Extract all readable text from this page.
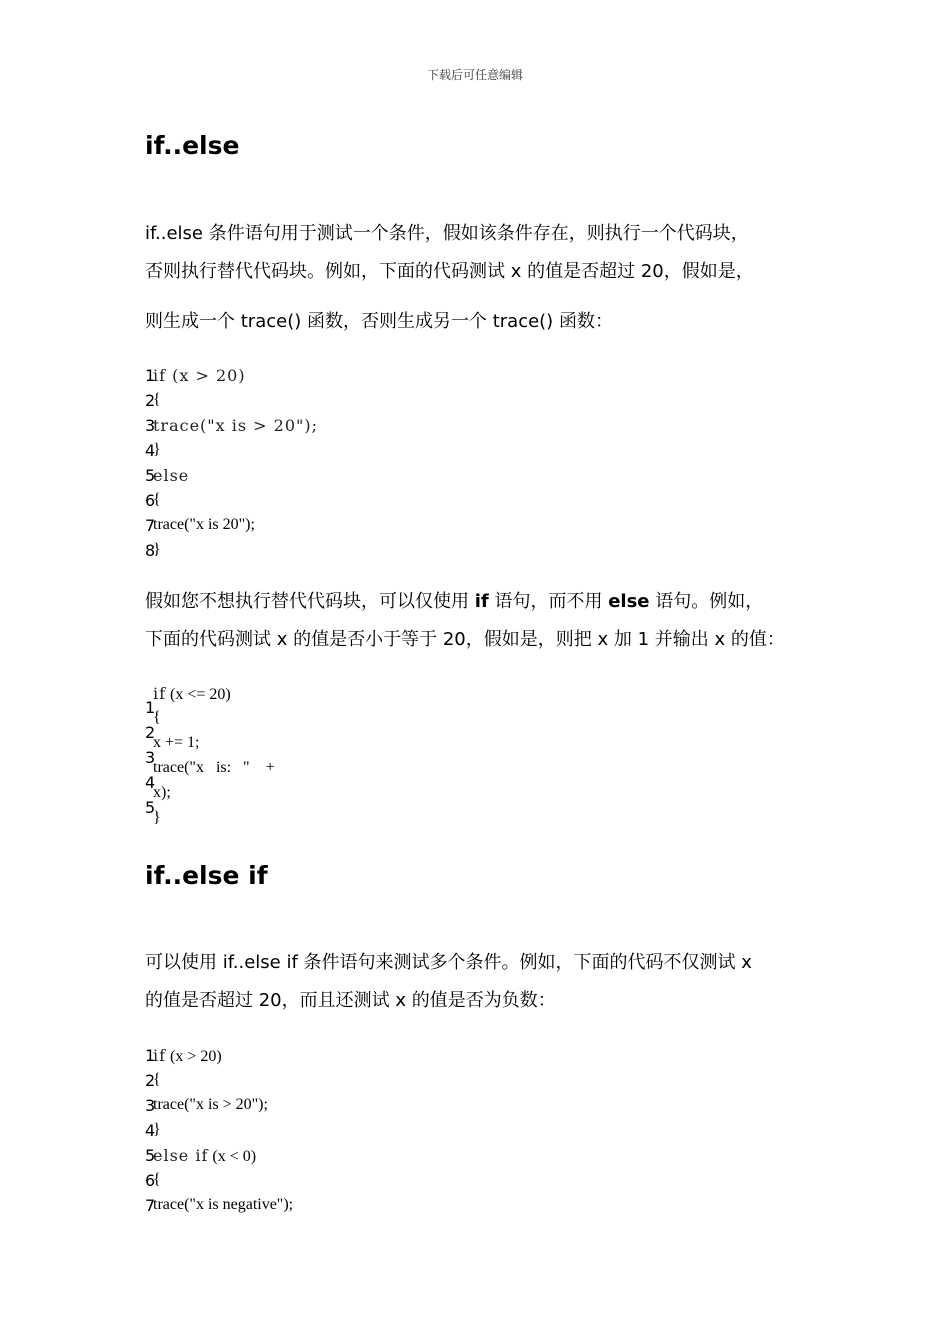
下载后可任意编辑
if..else
if..else 条件语句用于测试一个条件，假如该条件存在，则执行一个代码块，
否则执行替代代码块。例如，下面的代码测试 x 的值是否超过 20，假如是，
则生成一个 trace() 函数，否则生成另一个 trace() 函数：
1
if (x > 20)
2
{
3
trace("x is > 20");
4
}
5
else
6
{
7
trace("x is 20");
8
}
假如您不想执行替代代码块，可以仅使用 if 语句，而不用 else 语句。例如，
下面的代码测试 x 的值是否小于等于 20，假如是，则把 x 加 1 并输出 x 的值：
1
2
3
4
5
if (x <= 20)
{
x += 1;
trace("x   is:   "    +
x);
}
if..else if
可以使用 if..else if 条件语句来测试多个条件。例如，下面的代码不仅测试 x
的值是否超过 20，而且还测试 x 的值是否为负数：
1
if (x > 20)
2
{
3
trace("x is > 20");
4
}
5
else if (x < 0)
6
{
7
trace("x is negative");
